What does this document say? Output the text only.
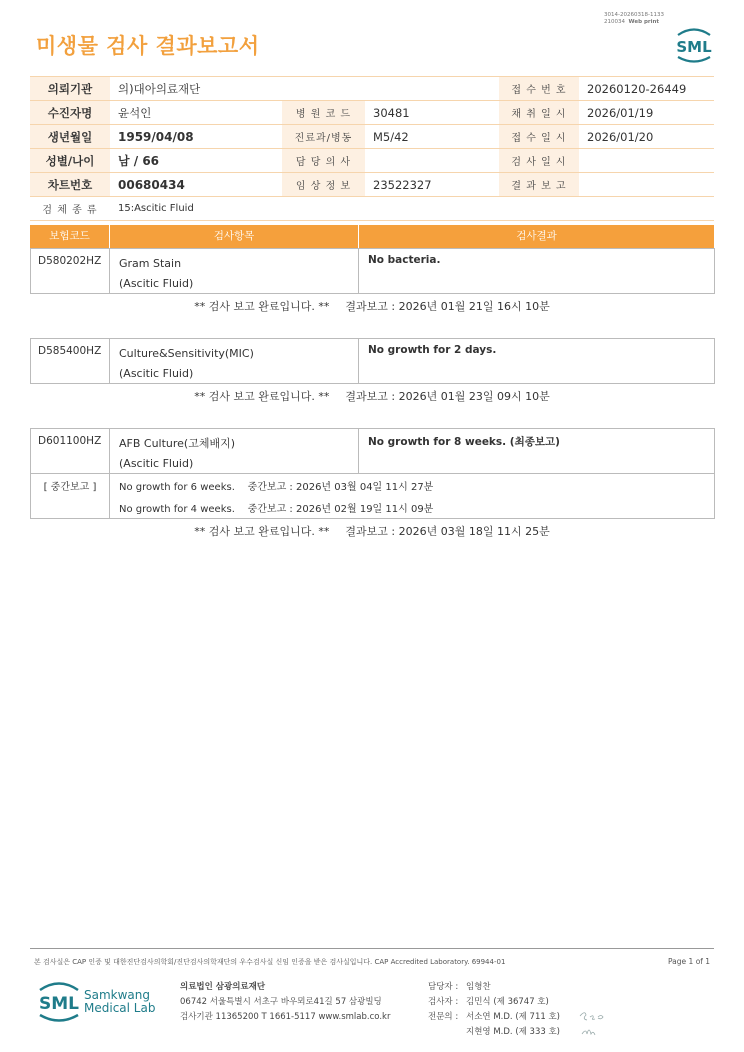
미생물 검사 결과보고서
3014-20260318-1133
210034 Web print
SML
의뢰기관	의)대아의료재단			접 수 번 호	20260120-26449
수진자명	윤석인	병 원 코 드	30481	채 취 일 시	2026/01/19
생년월일	1959/04/08	진료과/병동	M5/42	접 수 일 시	2026/01/20
성별/나이	남 / 66	담 당 의 사		검 사 일 시	
차트번호	00680434	임 상 정 보	23522327	결 과 보 고	
검 체 종 류	15:Ascitic Fluid				
보험코드	검사항목	검사결과
D580202HZ Gram Stain
(Ascitic Fluid)
No bacteria.
** 검사 보고 완료입니다. ** 결과보고 : 2026년 01월 21일 16시 10분
D585400HZ Culture&Sensitivity(MIC)
(Ascitic Fluid)
No growth for 2 days.
** 검사 보고 완료입니다. ** 결과보고 : 2026년 01월 23일 09시 10분
D601100HZ AFB Culture(고체배지)
(Ascitic Fluid)
No growth for 8 weeks. (최종보고)
[ 중간보고 ]	No growth for 6 weeks. 중간보고 : 2026년 03월 04일 11시 27분
No growth for 4 weeks. 중간보고 : 2026년 02월 19일 11시 09분
** 검사 보고 완료입니다. ** 결과보고 : 2026년 03월 18일 11시 25분
본 검사실은 CAP 인증 및 대한진단검사의학회/진단검사의학재단의 우수검사실 신임 인증을 받은 검사실입니다. CAP Accredited Laboratory. 69944-01	Page 1 of 1
SML Samkwang
Medical Lab
의료법인 삼광의료재단
06742 서울특별시 서초구 바우뫼로41길 57 삼광빌딩
검사기관 11365200 T 1661-5117 www.smlab.co.kr
담당자 : 임형찬
검사자 : 김민식 (제 36747 호)
전문의 : 서소연 M.D. (제 711 호)
지현영 M.D. (제 333 호)
